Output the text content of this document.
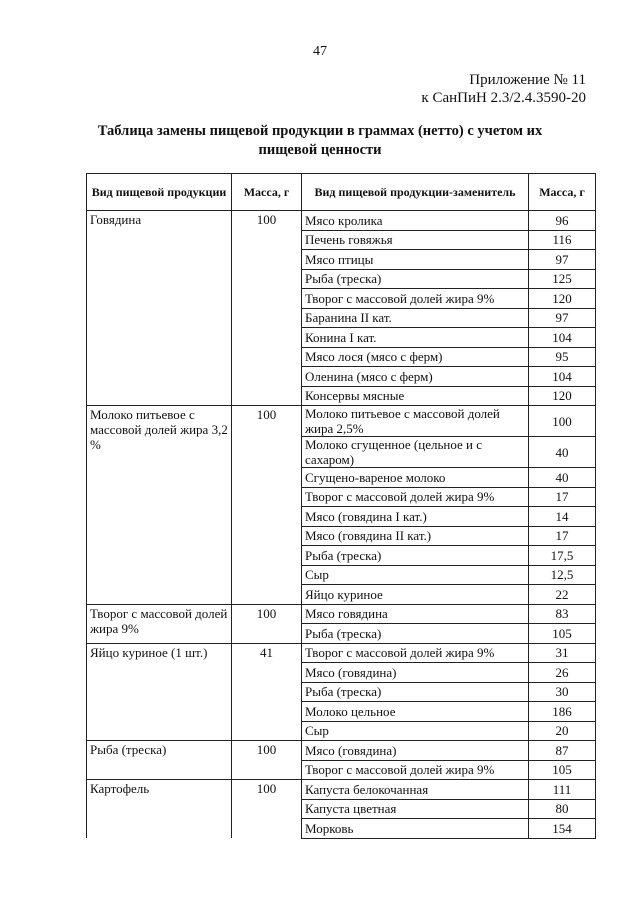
47
Приложение № 11
к СанПиН 2.3/2.4.3590-20
Таблица замены пищевой продукции в граммах (нетто) с учетом их пищевой ценности
Вид пищевой продукции	Масса, г	Вид пищевой продукции-заменитель	Масса, г
Говядина	100	Мясо кролика	96
		Печень говяжья	116
		Мясо птицы	97
		Рыба (треска)	125
		Творог с массовой долей жира 9%	120
		Баранина II кат.	97
		Конина I кат.	104
		Мясо лося (мясо с ферм)	95
		Оленина (мясо с ферм)	104
		Консервы мясные	120
Молоко питьевое с массовой долей жира 3,2 %	100	Молоко питьевое с массовой долей жира 2,5%	100
		Молоко сгущенное (цельное и с сахаром)	40
		Сгущено-вареное молоко	40
		Творог с массовой долей жира 9%	17
		Мясо (говядина I кат.)	14
		Мясо (говядина II кат.)	17
		Рыба (треска)	17,5
		Сыр	12,5
		Яйцо куриное	22
Творог с массовой долей жира 9%	100	Мясо говядина	83
		Рыба (треска)	105
Яйцо куриное (1 шт.)	41	Творог с массовой долей жира 9%	31
		Мясо (говядина)	26
		Рыба (треска)	30
		Молоко цельное	186
		Сыр	20
Рыба (треска)	100	Мясо (говядина)	87
		Творог с массовой долей жира 9%	105
Картофель	100	Капуста белокочанная	111
		Капуста цветная	80
		Морковь	154
